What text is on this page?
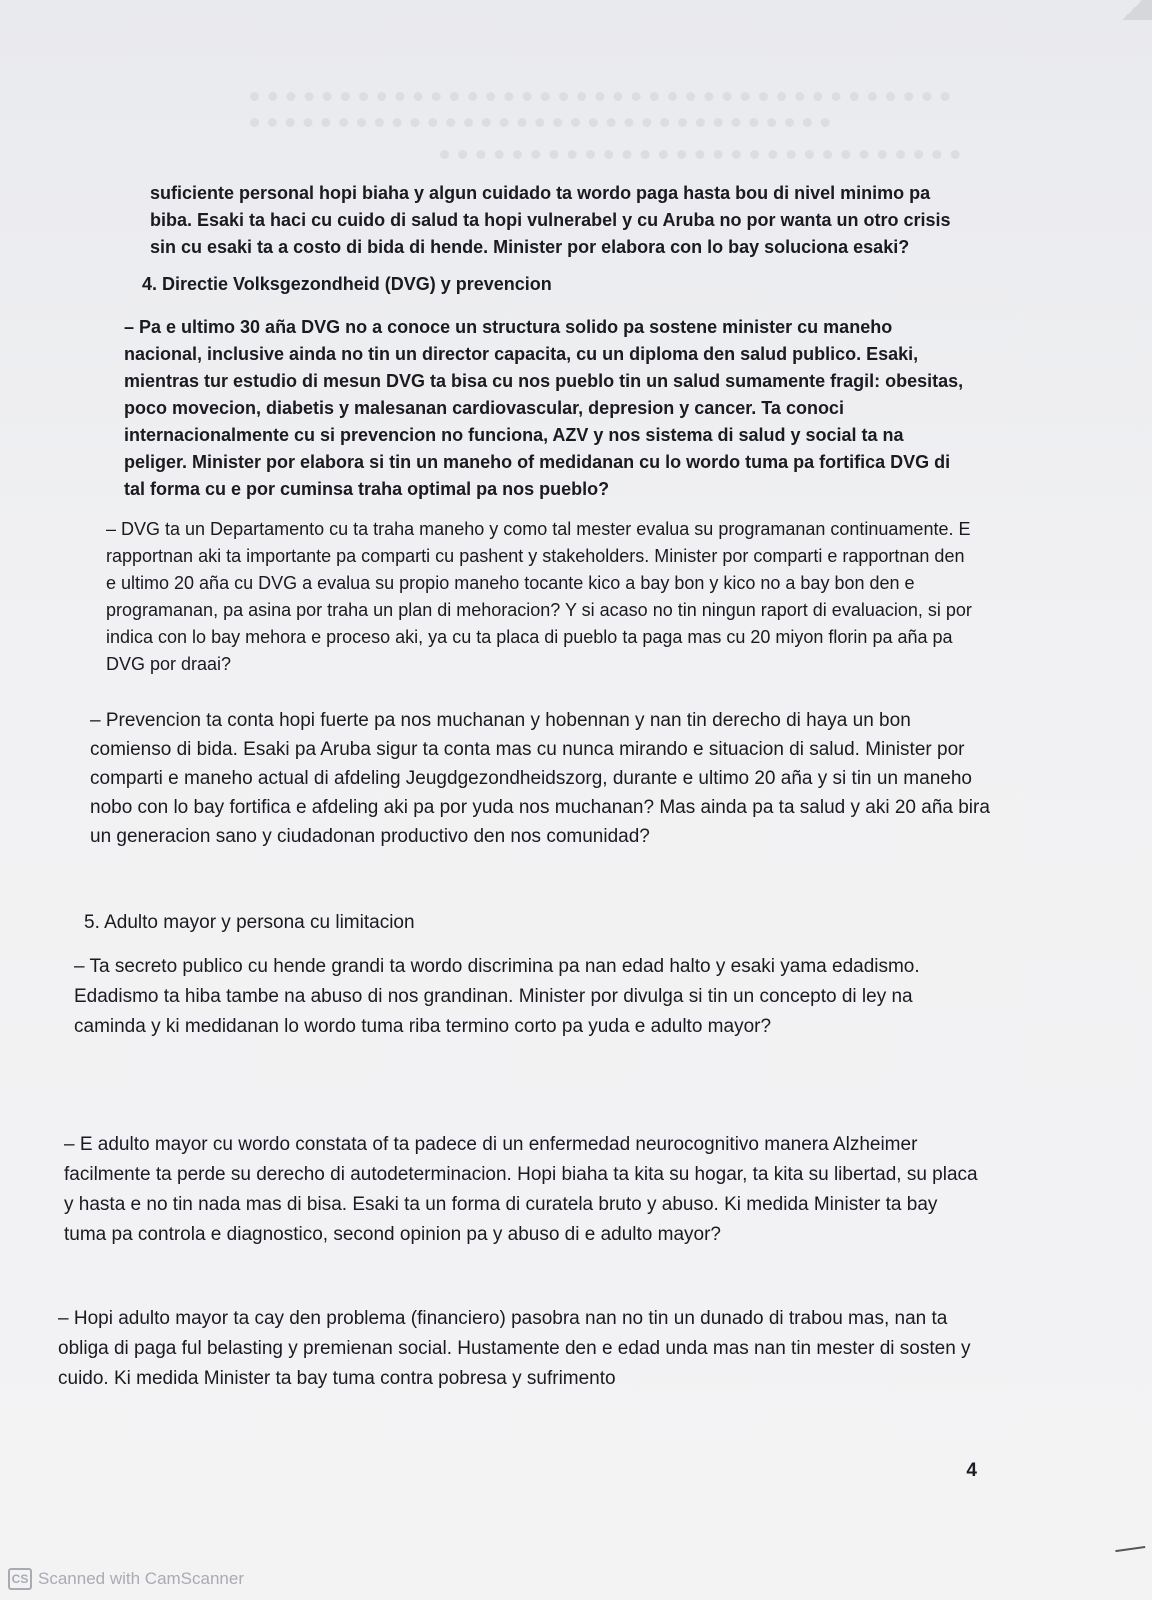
suficiente personal hopi biaha y algun cuidado ta wordo paga hasta bou di nivel minimo pa biba. Esaki ta haci cu cuido di salud ta hopi vulnerabel y cu Aruba no por wanta un otro crisis sin cu esaki ta a costo di bida di hende. Minister por elabora con lo bay soluciona esaki?

4. Directie Volksgezondheid (DVG) y prevencion

– Pa e ultimo 30 aña DVG no a conoce un structura solido pa sostene minister cu maneho nacional, inclusive ainda no tin un director capacita, cu un diploma den salud publico. Esaki, mientras tur estudio di mesun DVG ta bisa cu nos pueblo tin un salud sumamente fragil: obesitas, poco movecion, diabetis y malesanan cardiovascular, depresion y cancer. Ta conoci internacionalmente cu si prevencion no funciona, AZV y nos sistema di salud y social ta na peliger. Minister por elabora si tin un maneho of medidanan cu lo wordo tuma pa fortifica DVG di tal forma cu e por cuminsa traha optimal pa nos pueblo?

– DVG ta un Departamento cu ta traha maneho y como tal mester evalua su programanan continuamente. E rapportnan aki ta importante pa comparti cu pashent y stakeholders. Minister por comparti e rapportnan den e ultimo 20 aña cu DVG a evalua su propio maneho tocante kico a bay bon y kico no a bay bon den e programanan, pa asina por traha un plan di mehoracion? Y si acaso no tin ningun raport di evaluacion, si por indica con lo bay mehora e proceso aki, ya cu ta placa di pueblo ta paga mas cu 20 miyon florin pa aña pa DVG por draai?

– Prevencion ta conta hopi fuerte pa nos muchanan y hobennan y nan tin derecho di haya un bon comienso di bida. Esaki pa Aruba sigur ta conta mas cu nunca mirando e situacion di salud. Minister por comparti e maneho actual di afdeling Jeugdgezondheidszorg, durante e ultimo 20 aña y si tin un maneho nobo con lo bay fortifica e afdeling aki pa por yuda nos muchanan? Mas ainda pa ta salud y aki 20 aña bira un generacion sano y ciudadonan productivo den nos comunidad?

5. Adulto mayor y persona cu limitacion

– Ta secreto publico cu hende grandi ta wordo discrimina pa nan edad halto y esaki yama edadismo. Edadismo ta hiba tambe na abuso di nos grandinan. Minister por divulga si tin un concepto di ley na caminda y ki medidanan lo wordo tuma riba termino corto pa yuda e adulto mayor?

– E adulto mayor cu wordo constata of ta padece di un enfermedad neurocognitivo manera Alzheimer facilmente ta perde su derecho di autodeterminacion. Hopi biaha ta kita su hogar, ta kita su libertad, su placa y hasta e no tin nada mas di bisa. Esaki ta un forma di curatela bruto y abuso. Ki medida Minister ta bay tuma pa controla e diagnostico, second opinion pa y abuso di e adulto mayor?

– Hopi adulto mayor ta cay den problema (financiero) pasobra nan no tin un dunado di trabou mas, nan ta obliga di paga ful belasting y premienan social. Hustamente den e edad unda mas nan tin mester di sosten y cuido. Ki medida Minister ta bay tuma contra pobresa y sufrimento

4
CS Scanned with CamScanner
